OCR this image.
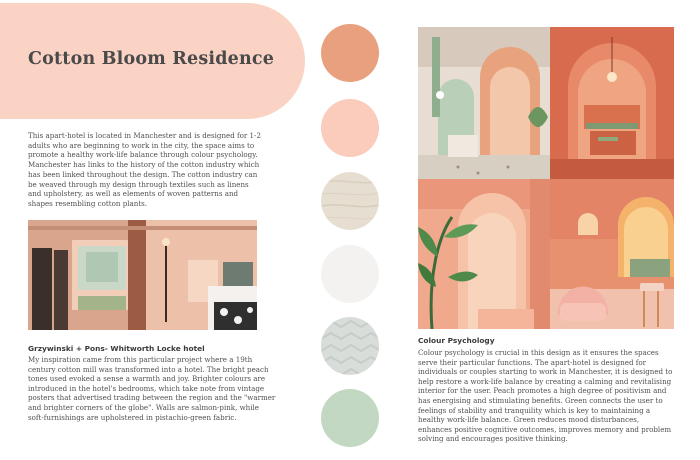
Cotton Bloom Residence

This apart-hotel is located in Manchester and is designed for 1-2 adults who are beginning to work in the city, the space aims to promote a healthy work-life balance through colour psychology. Manchester has links to the history of the cotton industry which has been linked throughout the design. The cotton industry can be weaved through my design through textiles such as linens and upholstery, as well as elements of woven patterns and shapes resembling cotton plants.

Grzywinski + Pons- Whitworth Locke hotel

My inspiration came from this particular project where a 19th century cotton mill was transformed into a hotel. The bright peach tones used evoked a sense a warmth and joy. Brighter colours are introduced in the hotel's bedrooms, which take note from vintage posters that advertised trading between the region and the "warmer and brighter corners of the globe". Walls are salmon-pink, while soft-furnishings are upholstered in pistachio-green fabric.

Colour Psychology

Colour psychology is crucial in this design as it ensures the spaces serve their particular functions. The apart-hotel is designed for individuals or couples starting to work in Manchester, it is designed to help restore a work-life balance by creating a calming and revitalising interior for the user. Peach promotes a high degree of positivism and has energising and stimulating benefits. Green connects the user to feelings of stability and tranquility which is key to maintaining a healthy work-life balance. Green reduces mood disturbances, enhances positive cognitive outcomes, improves memory and problem solving and encourages positive thinking.
